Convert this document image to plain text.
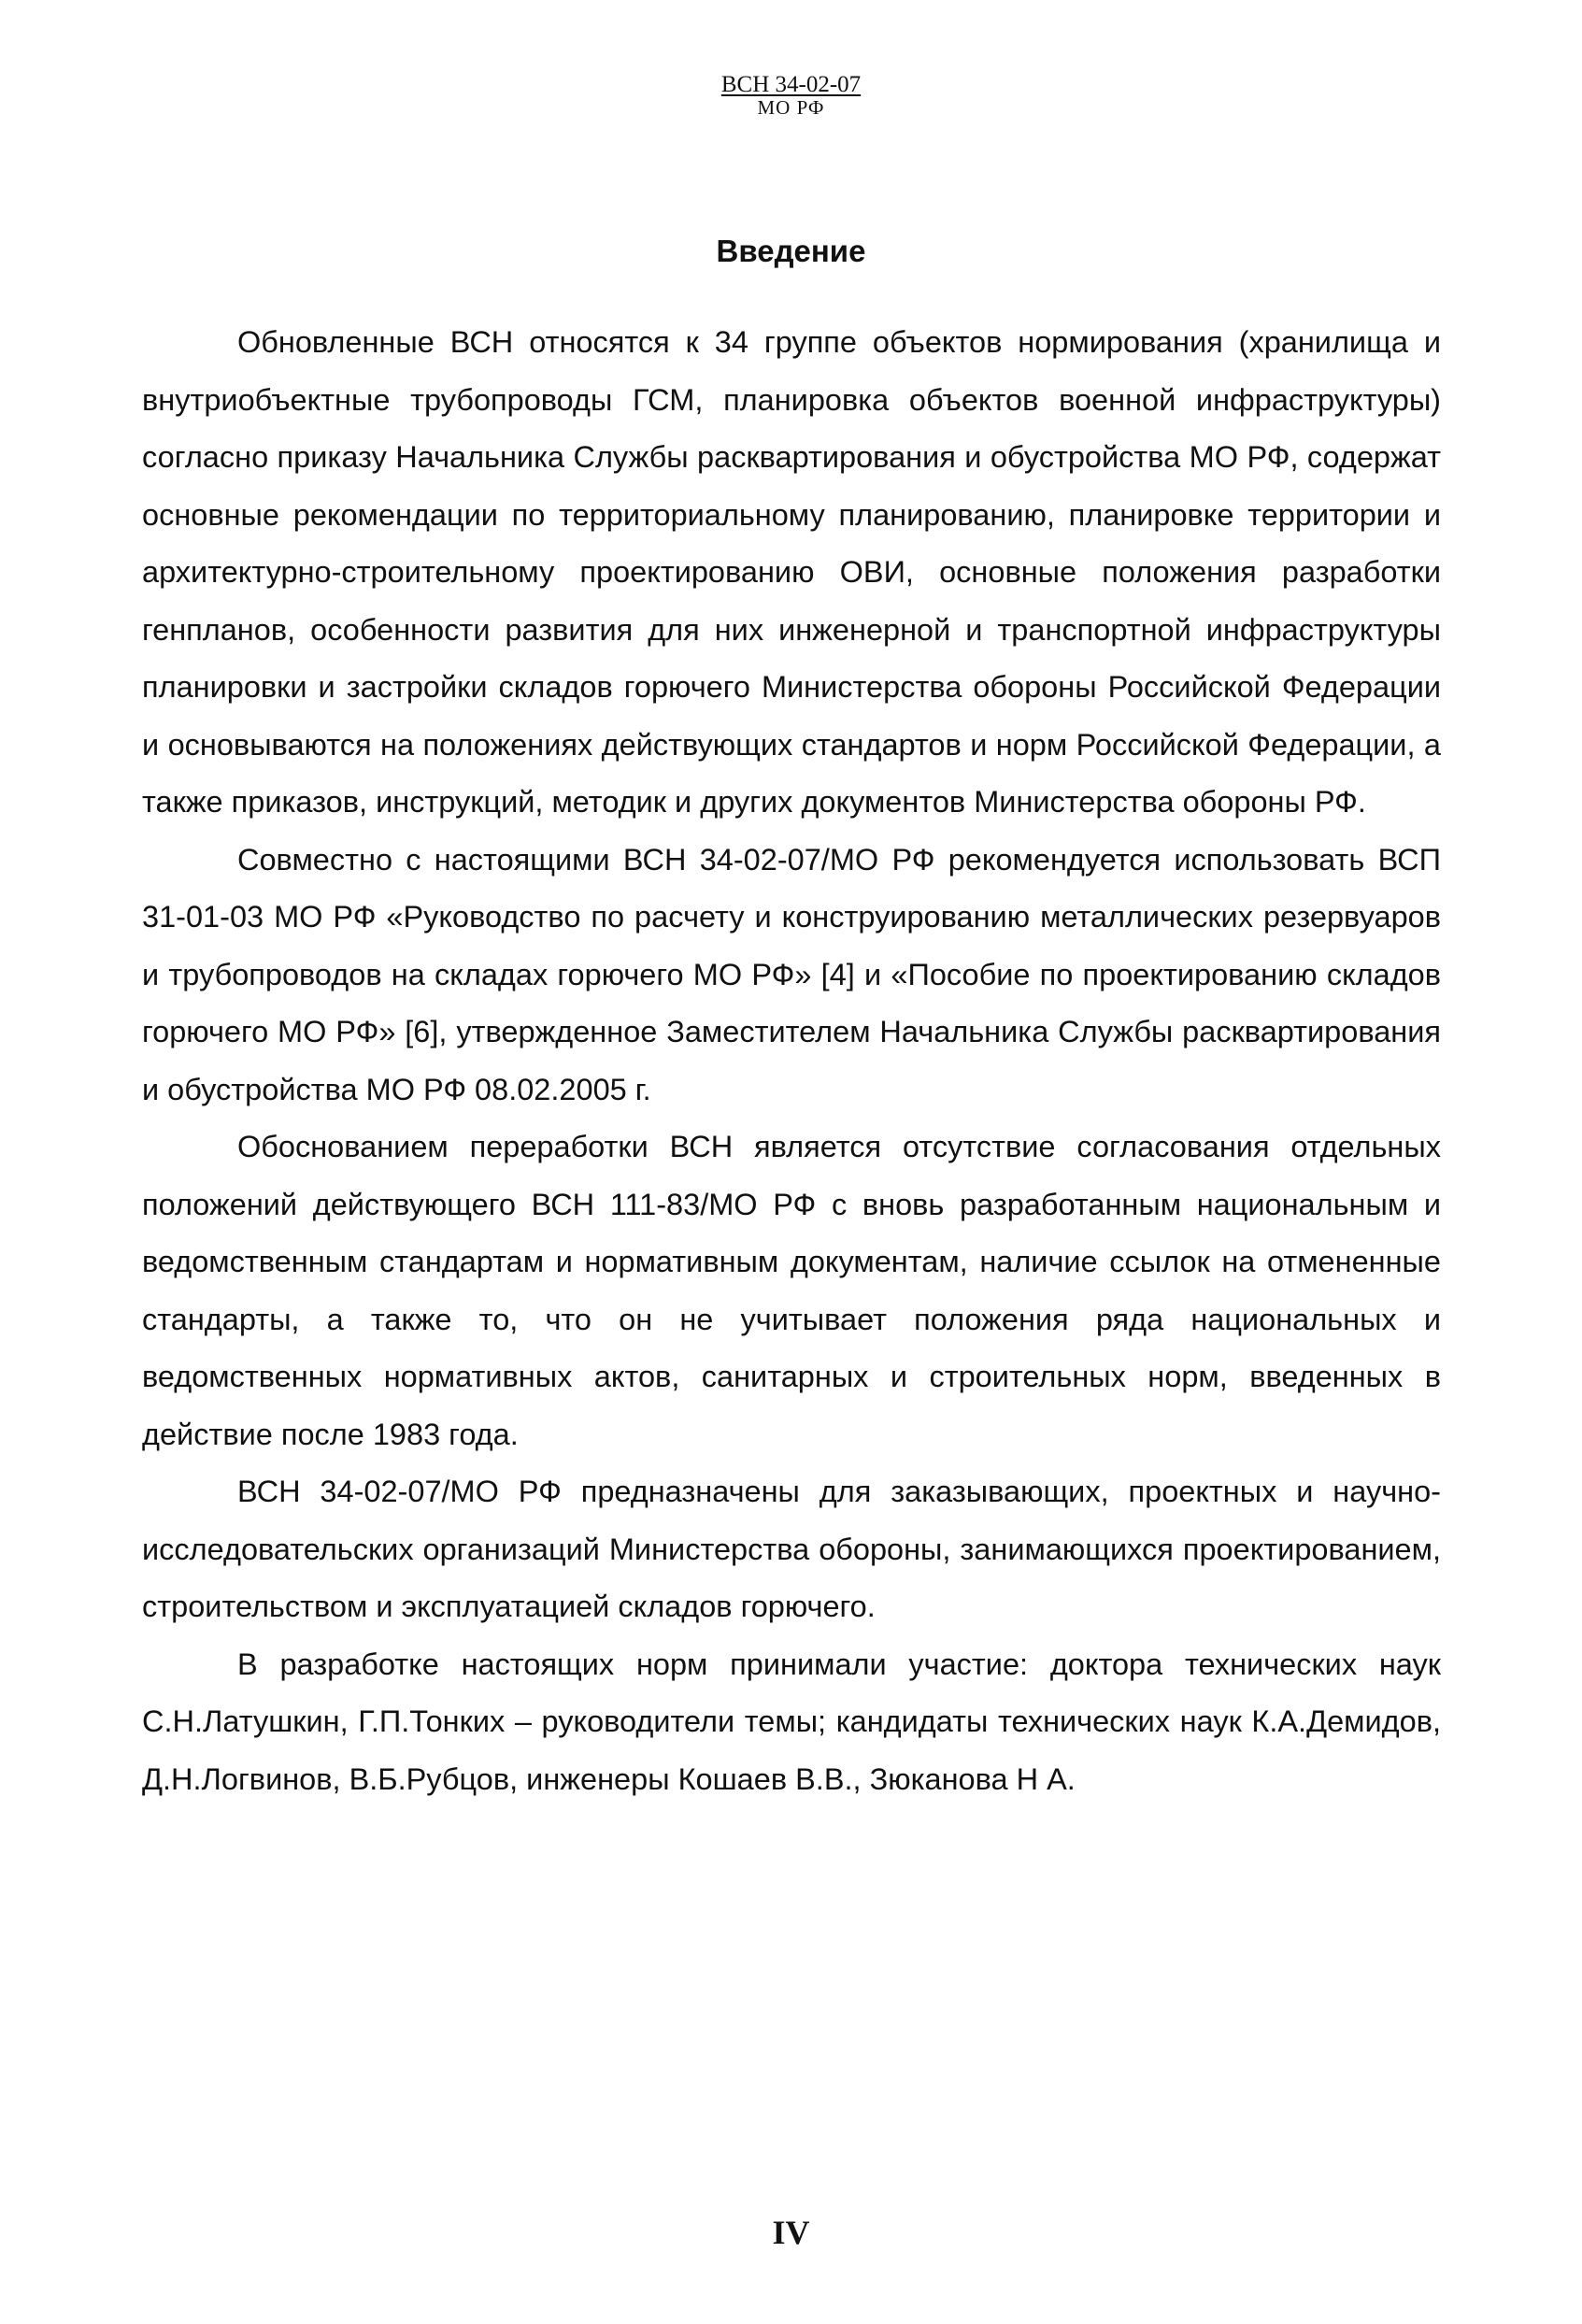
ВСН 34-02-07
МО РФ
Введение

Обновленные ВСН относятся к 34 группе объектов нормирования (хранилища и внутриобъектные трубопроводы ГСМ, планировка объектов военной инфраструктуры) согласно приказу Начальника Службы расквартирования и обустройства МО РФ, содержат основные рекомендации по территориальному планированию, планировке территории и архитектурно-строительному проектированию ОВИ, основные положения разработки генпланов, особенности развития для них инженерной и транспортной инфраструктуры планировки и застройки складов горючего Министерства обороны Российской Федерации и основываются на положениях действующих стандартов и норм Российской Федерации, а также приказов, инструкций, методик и других документов Министерства обороны РФ.

Совместно с настоящими ВСН 34-02-07/МО РФ рекомендуется использовать ВСП 31-01-03 МО РФ «Руководство по расчету и конструированию металлических резервуаров и трубопроводов на складах горючего МО РФ» [4] и «Пособие по проектированию складов горючего МО РФ» [6], утвержденное Заместителем Начальника Службы расквартирования и обустройства МО РФ 08.02.2005 г.

Обоснованием переработки ВСН является отсутствие согласования отдельных положений действующего ВСН 111-83/МО РФ с вновь разработанным национальным и ведомственным стандартам и нормативным документам, наличие ссылок на отмененные стандарты, а также то, что он не учитывает положения ряда национальных и ведомственных нормативных актов, санитарных и строительных норм, введенных в действие после 1983 года.

ВСН 34-02-07/МО РФ предназначены для заказывающих, проектных и научно-исследовательских организаций Министерства обороны, занимающихся проектированием, строительством и эксплуатацией складов горючего.

В разработке настоящих норм принимали участие: доктора технических наук С.Н.Латушкин, Г.П.Тонких – руководители темы; кандидаты технических наук К.А.Демидов, Д.Н.Логвинов, В.Б.Рубцов, инженеры Кошаев В.В., Зюканова Н А.

IV
